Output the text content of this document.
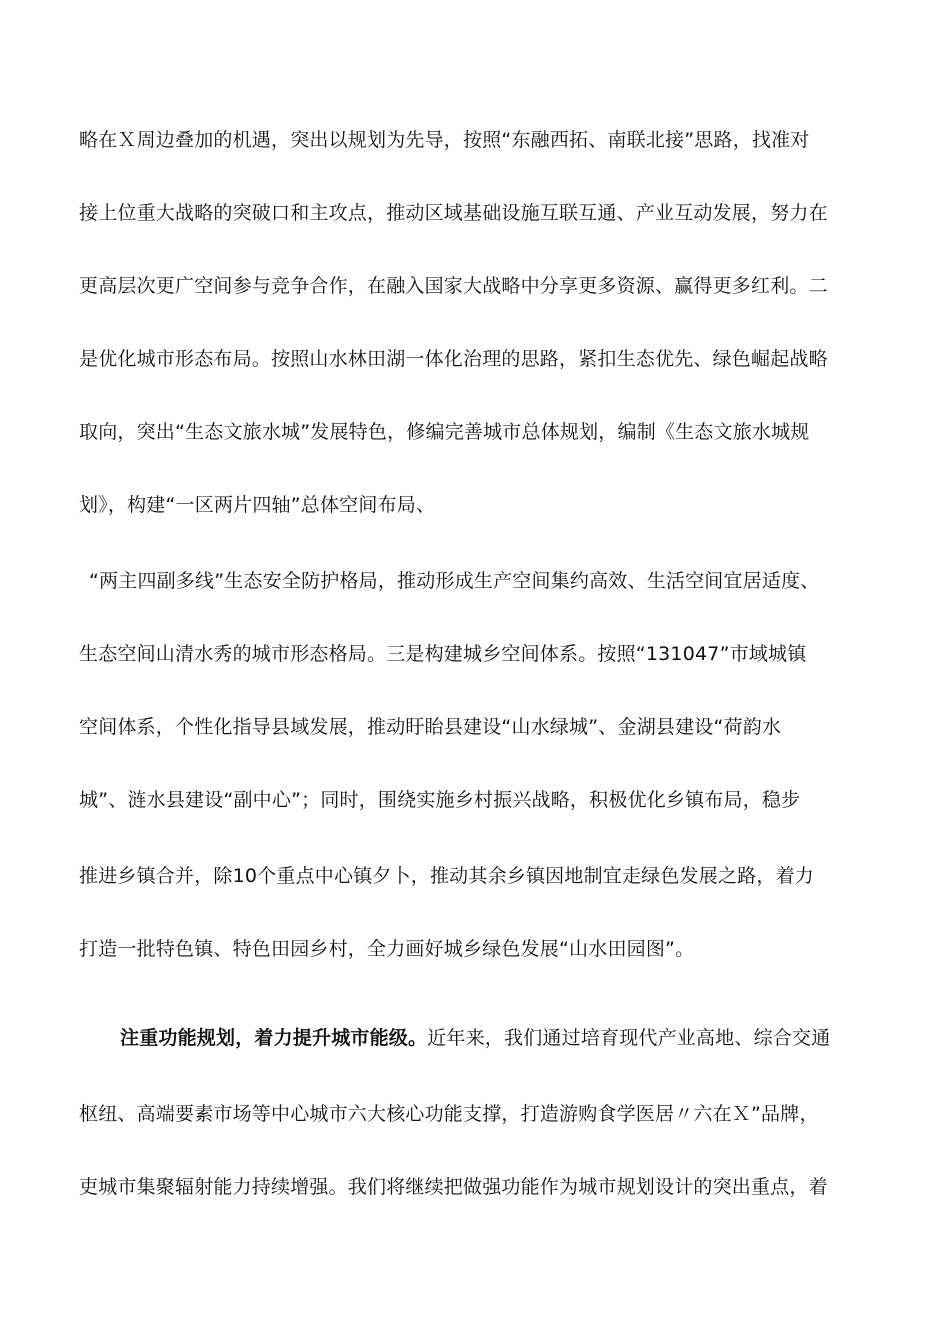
略在Ｘ周边叠加的机遇，突出以规划为先导，按照“东融西拓、南联北接”思路，找准对
接上位重大战略的突破口和主攻点，推动区域基础设施互联互通、产业互动发展，努力在
更高层次更广空间参与竞争合作，在融入国家大战略中分享更多资源、赢得更多红利。二
是优化城市形态布局。按照山水林田湖一体化治理的思路，紧扣生态优先、绿色崛起战略
取向，突出“生态文旅水城”发展特色，修编完善城市总体规划，编制《生态文旅水城规
划》，构建“一区两片四轴”总体空间布局、
“两主四副多线”生态安全防护格局，推动形成生产空间集约高效、生活空间宜居适度、
生态空间山清水秀的城市形态格局。三是构建城乡空间体系。按照“131047”市域城镇
空间体系，个性化指导县域发展，推动盱眙县建设“山水绿城”、金湖县建设“荷韵水
城”、涟水县建设“副中心”；同时，围绕实施乡村振兴战略，积极优化乡镇布局，稳步
推进乡镇合并，除10个重点中心镇夕卜，推动其余乡镇因地制宜走绿色发展之路，着力
打造一批特色镇、特色田园乡村，全力画好城乡绿色发展“山水田园图”。
注重功能规划，着力提升城市能级。近年来，我们通过培育现代产业高地、综合交通
枢纽、高端要素市场等中心城市六大核心功能支撑，打造游购食学医居〃六在Ｘ”品牌，
吏城市集聚辐射能力持续增强。我们将继续把做强功能作为城市规划设计的突出重点，着
